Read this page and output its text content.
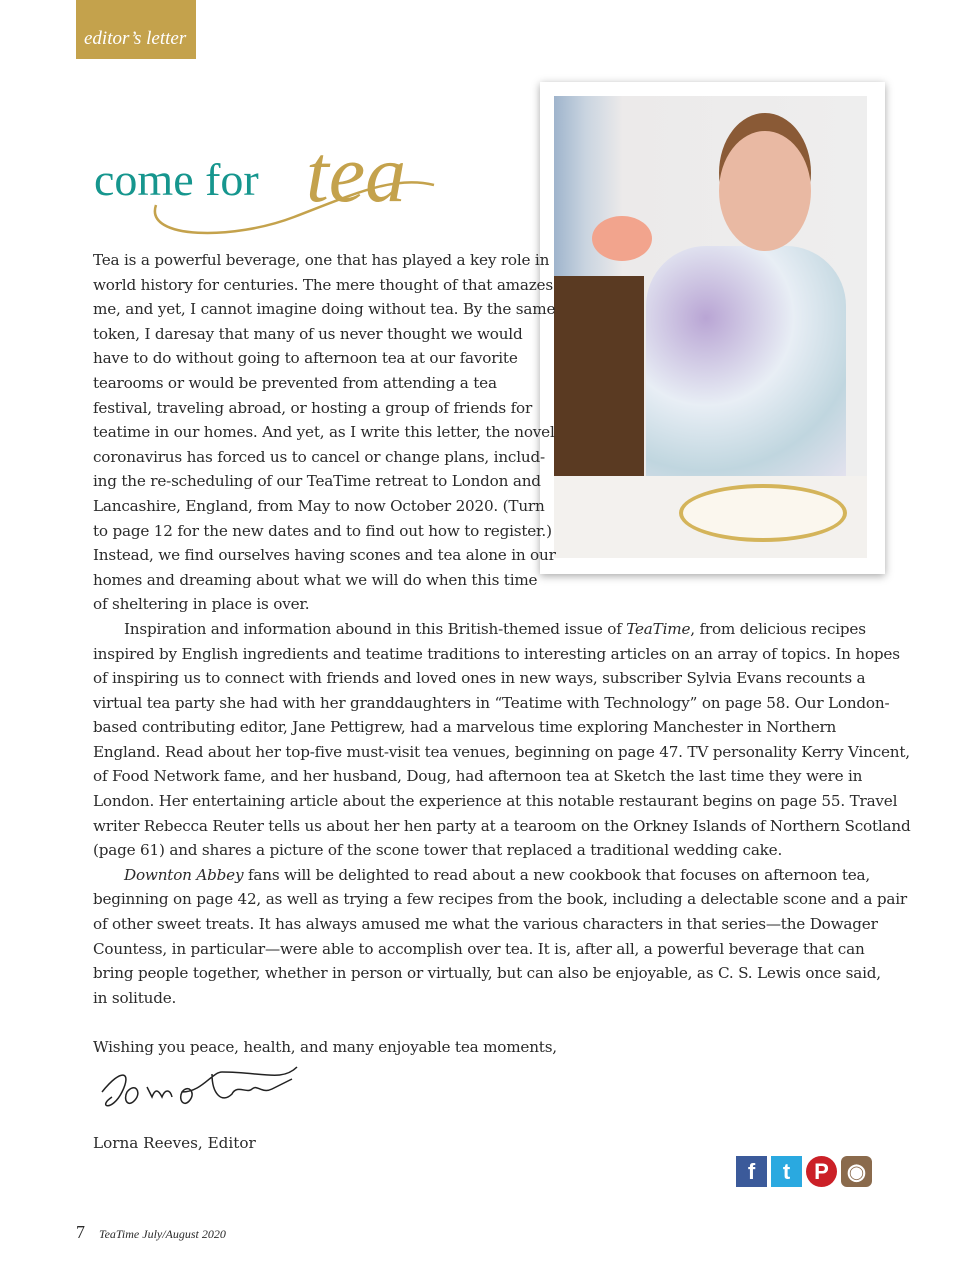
editor’s letter
come for tea
Tea is a powerful beverage, one that has played a key role in
world history for centuries. The mere thought of that amazes
me, and yet, I cannot imagine doing without tea. By the same
token, I daresay that many of us never thought we would
have to do without going to afternoon tea at our favorite
tearooms or would be prevented from attending a tea
festival, traveling abroad, or hosting a group of friends for
teatime in our homes. And yet, as I write this letter, the novel
coronavirus has forced us to cancel or change plans, includ-
ing the re-scheduling of our TeaTime retreat to London and
Lancashire, England, from May to now October 2020. (Turn
to page 12 for the new dates and to find out how to register.)
Instead, we find ourselves having scones and tea alone in our
homes and dreaming about what we will do when this time
of sheltering in place is over.
Inspiration and information abound in this British-themed issue of TeaTime, from delicious recipes
inspired by English ingredients and teatime traditions to interesting articles on an array of topics. In hopes
of inspiring us to connect with friends and loved ones in new ways, subscriber Sylvia Evans recounts a
virtual tea party she had with her granddaughters in “Teatime with Technology” on page 58. Our London-
based contributing editor, Jane Pettigrew, had a marvelous time exploring Manchester in Northern
England. Read about her top-five must-visit tea venues, beginning on page 47. TV personality Kerry Vincent,
of Food Network fame, and her husband, Doug, had afternoon tea at Sketch the last time they were in
London. Her entertaining article about the experience at this notable restaurant begins on page 55. Travel
writer Rebecca Reuter tells us about her hen party at a tearoom on the Orkney Islands of Northern Scotland
(page 61) and shares a picture of the scone tower that replaced a traditional wedding cake.
Downton Abbey fans will be delighted to read about a new cookbook that focuses on afternoon tea,
beginning on page 42, as well as trying a few recipes from the book, including a delectable scone and a pair
of other sweet treats. It has always amused me what the various characters in that series—the Dowager
Countess, in particular—were able to accomplish over tea. It is, after all, a powerful beverage that can
bring people together, whether in person or virtually, but can also be enjoyable, as C. S. Lewis once said,
in solitude.
Wishing you peace, health, and many enjoyable tea moments,
Lorna Reeves, Editor
f	t	P ◉
7 TeaTime July/August 2020
